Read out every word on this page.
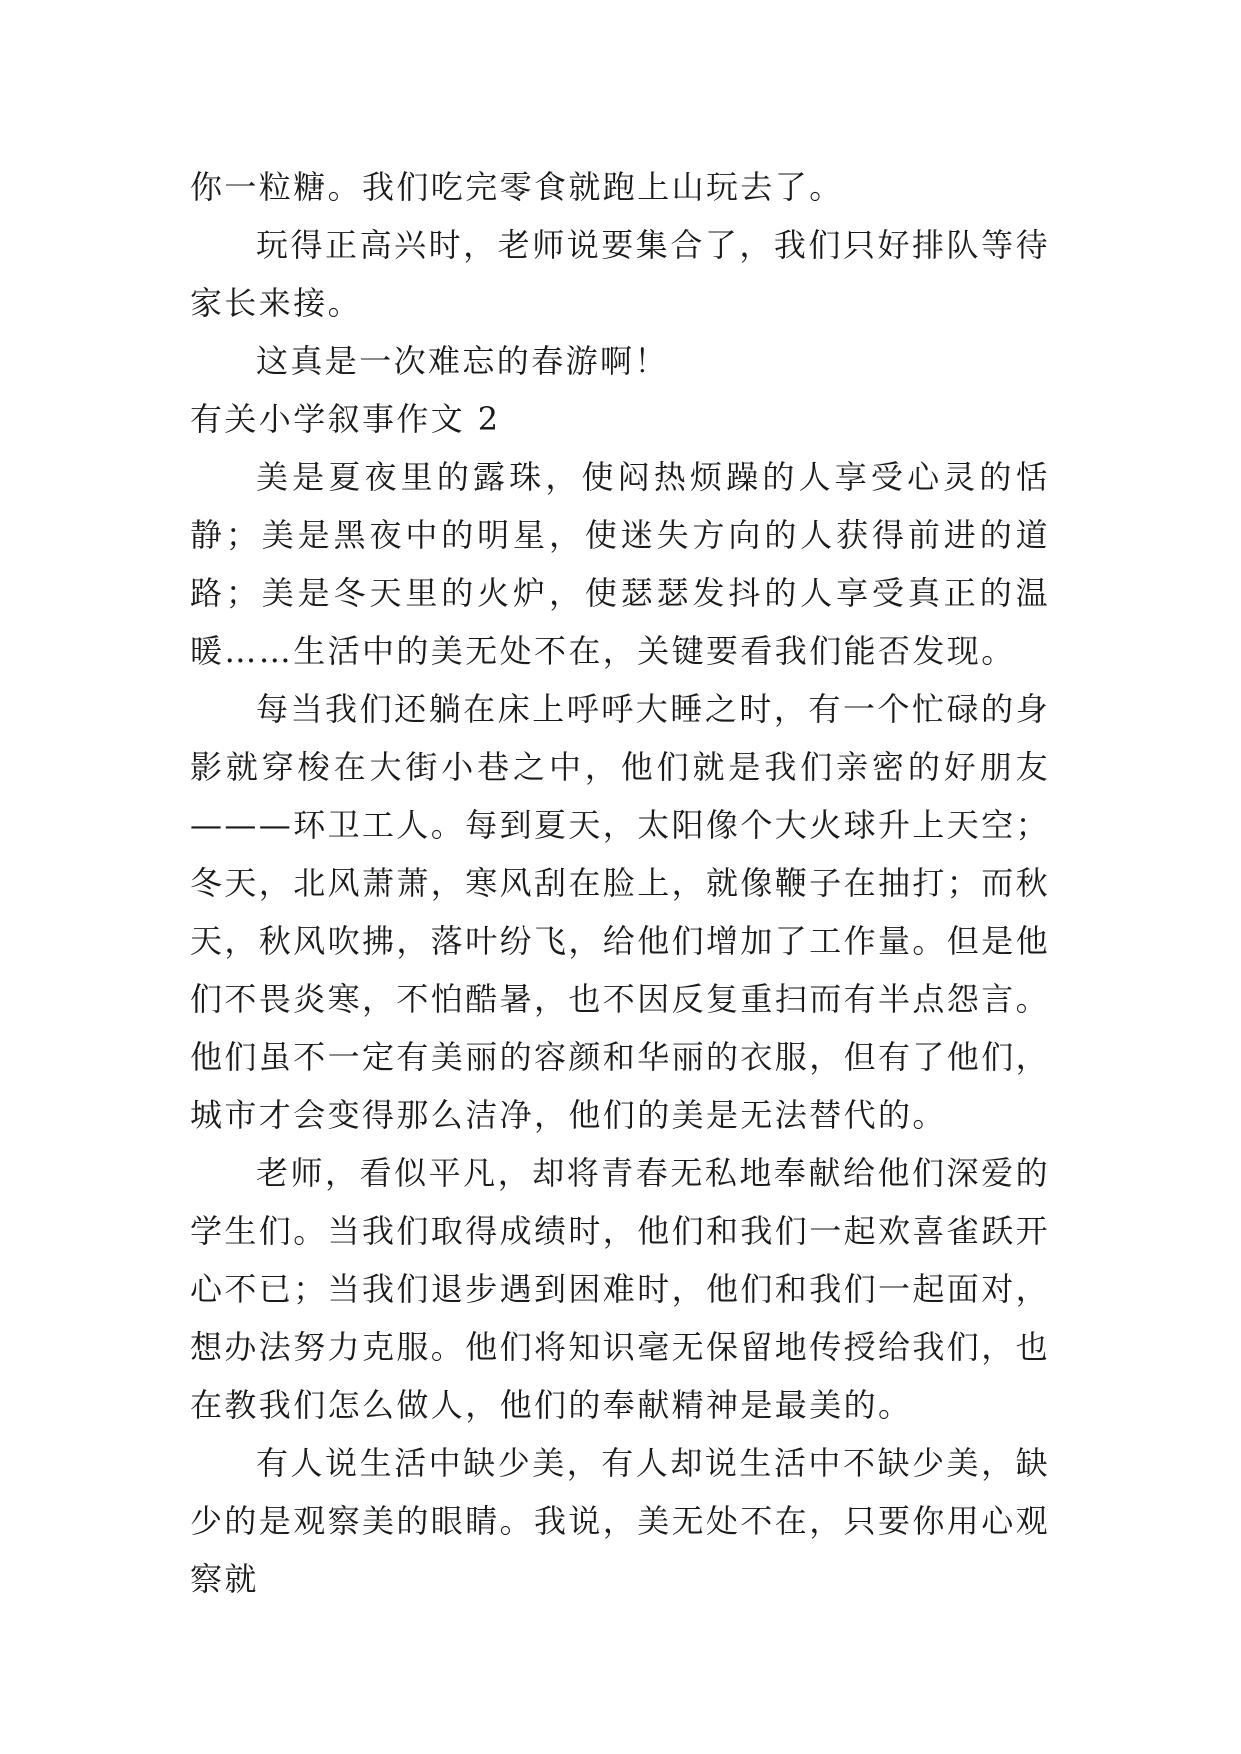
你一粒糖。我们吃完零食就跑上山玩去了。

玩得正高兴时，老师说要集合了，我们只好排队等待家长来接。

这真是一次难忘的春游啊！

有关小学叙事作文 2

美是夏夜里的露珠，使闷热烦躁的人享受心灵的恬静；美是黑夜中的明星，使迷失方向的人获得前进的道路；美是冬天里的火炉，使瑟瑟发抖的人享受真正的温暖……生活中的美无处不在，关键要看我们能否发现。

每当我们还躺在床上呼呼大睡之时，有一个忙碌的身影就穿梭在大街小巷之中，他们就是我们亲密的好朋友———环卫工人。每到夏天，太阳像个大火球升上天空；冬天，北风萧萧，寒风刮在脸上，就像鞭子在抽打；而秋天，秋风吹拂，落叶纷飞，给他们增加了工作量。但是他们不畏炎寒，不怕酷暑，也不因反复重扫而有半点怨言。他们虽不一定有美丽的容颜和华丽的衣服，但有了他们，城市才会变得那么洁净，他们的美是无法替代的。

老师，看似平凡，却将青春无私地奉献给他们深爱的学生们。当我们取得成绩时，他们和我们一起欢喜雀跃开心不已；当我们退步遇到困难时，他们和我们一起面对，想办法努力克服。他们将知识毫无保留地传授给我们，也在教我们怎么做人，他们的奉献精神是最美的。

有人说生活中缺少美，有人却说生活中不缺少美，缺少的是观察美的眼睛。我说，美无处不在，只要你用心观察就
